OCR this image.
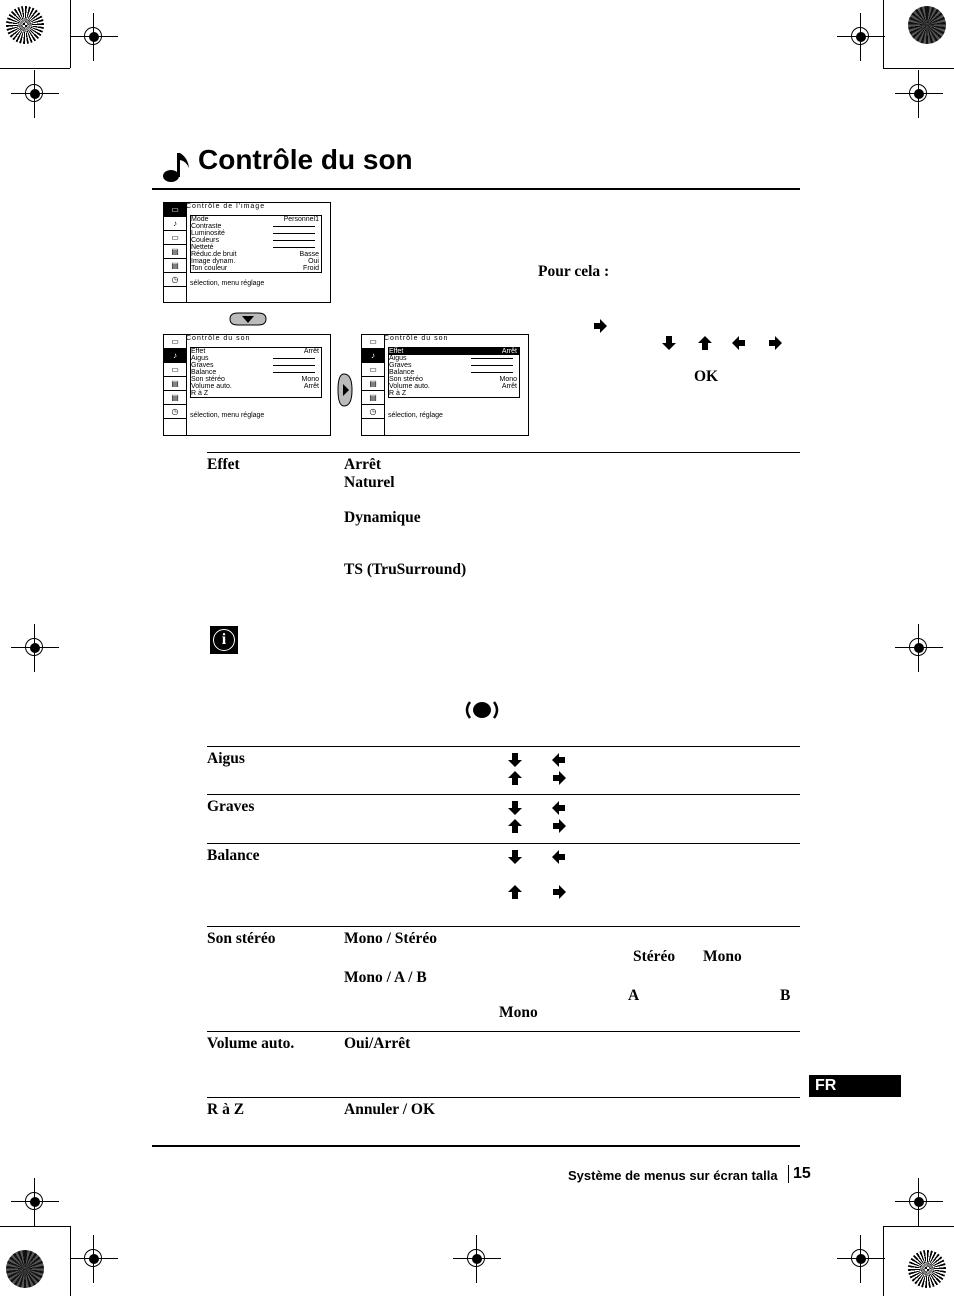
Contrôle du son
▭
♪
▭
▤
▤
◷
Contrôle de l'image
Mode	Personnel1
Contraste
Luminosité
Couleurs
Netteté
Réduc.de bruit	Basse
Image dynam.	Oui
Ton couleur	Froid
sélection, menu réglage
▭
♪
▭
▤
▤
◷
Contrôle du son
Effet	Arrêt
Aigus
Graves
Balance
Son stéréo	Mono
Volume auto.	Arrêt
R à Z
sélection, menu réglage
▭
♪
▭
▤
▤
◷
Contrôle du son
Effet	Arrêt
Aigus
Graves
Balance
Son stéréo	Mono
Volume auto.	Arrêt
R à Z
sélection, réglage
Pour cela :
OK
Effet	Arrêt
Naturel
Dynamique
TS (TruSurround)
i
Aigus
Graves
Balance
Son stéréo	Mono / Stéréo
Stéréo Mono
Mono / A / B
A	B
Mono
Volume auto.	Oui/Arrêt
R à Z	Annuler / OK
FR
Système de menus sur écran talla 15
